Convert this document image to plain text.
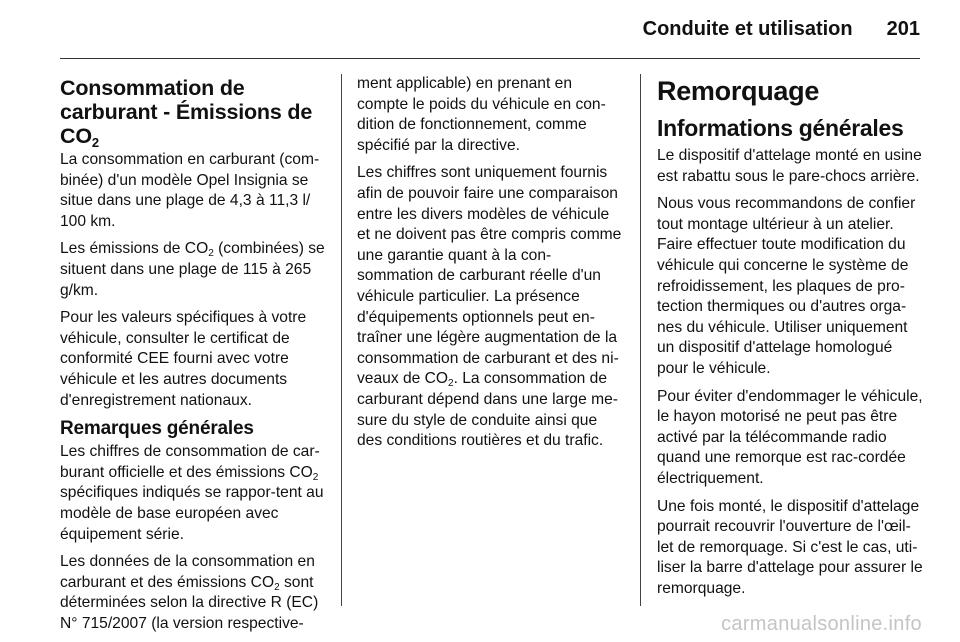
Conduite et utilisation 201
Consommation de
carburant - Émissions de
$CO_2$

La consommation en carburant (com-binée) d'un modèle Opel Insignia se situe dans une plage de 4,3 à 11,3 l/ 100 km.

Les émissions de $CO_2$ (combinées) se situent dans une plage de 115 à 265 g/km.

Pour les valeurs spécifiques à votre véhicule, consulter le certificat de conformité CEE fourni avec votre véhicule et les autres documents d'enregistrement nationaux.

Remarques générales

Les chiffres de consommation de car-burant officielle et des émissions $CO_2$ spécifiques indiqués se rappor-tent au modèle de base européen avec équipement série.

Les données de la consommation en carburant et des émissions $CO_2$ sont déterminées selon la directive R (EC) N° 715/2007 (la version respective-

ment applicable) en prenant en compte le poids du véhicule en con-dition de fonctionnement, comme spécifié par la directive.

Les chiffres sont uniquement fournis afin de pouvoir faire une comparaison entre les divers modèles de véhicule et ne doivent pas être compris comme une garantie quant à la con-sommation de carburant réelle d'un véhicule particulier. La présence d'équipements optionnels peut en-traîner une légère augmentation de la consommation de carburant et des ni-veaux de $CO_2$. La consommation de carburant dépend dans une large me-sure du style de conduite ainsi que des conditions routières et du trafic.

Remorquage
Informations générales

Le dispositif d'attelage monté en usine est rabattu sous le pare-chocs arrière.

Nous vous recommandons de confier tout montage ultérieur à un atelier. Faire effectuer toute modification du véhicule qui concerne le système de refroidissement, les plaques de pro-tection thermiques ou d'autres orga-nes du véhicule. Utiliser uniquement un dispositif d'attelage homologué pour le véhicule.

Pour éviter d'endommager le véhicule, le hayon motorisé ne peut pas être activé par la télécommande radio quand une remorque est rac-cordée électriquement.

Une fois monté, le dispositif d'attelage pourrait recouvrir l'ouverture de l'œil-let de remorquage. Si c'est le cas, uti-liser la barre d'attelage pour assurer le remorquage.

carmanualsonline.info
